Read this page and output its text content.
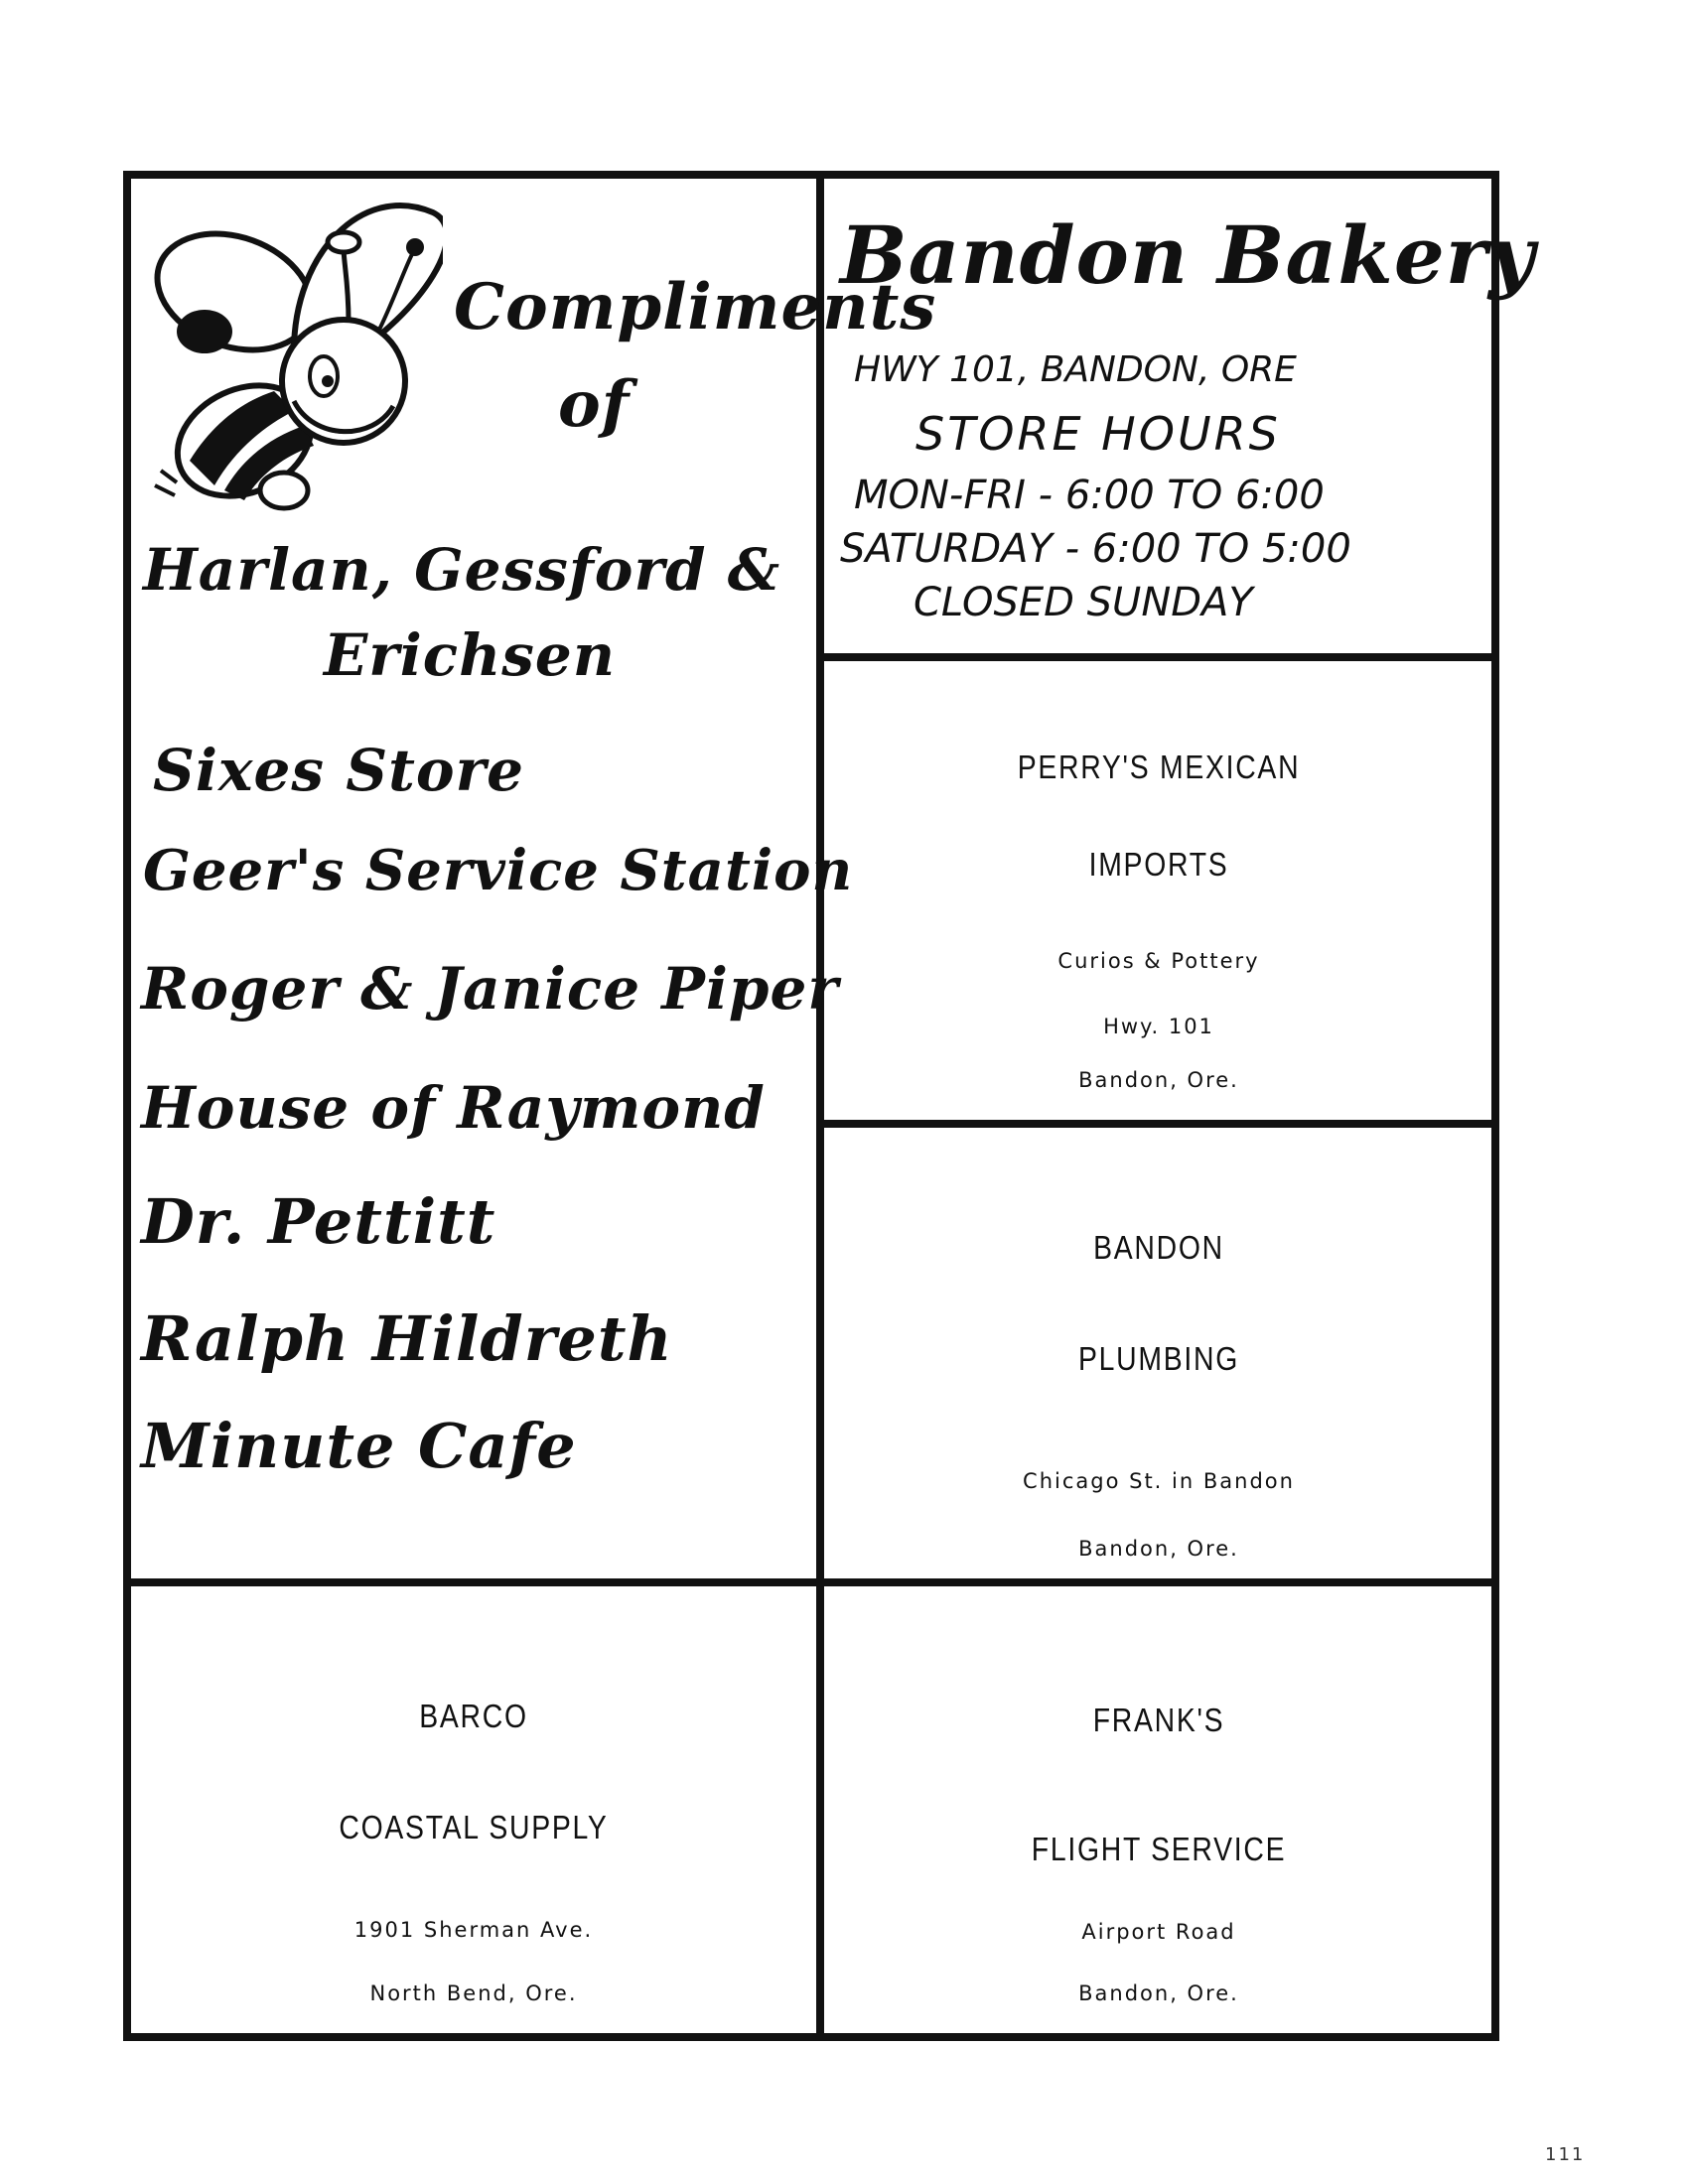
Compliments
of
Harlan, Gessford &
Erichsen
Sixes Store
Geer's Service Station
Roger & Janice Piper
House of Raymond
Dr. Pettitt
Ralph Hildreth
Minute Cafe
Bandon Bakery
HWY 101, BANDON, ORE
STORE HOURS
MON-FRI - 6:00 TO 6:00
SATURDAY - 6:00 TO 5:00
CLOSED SUNDAY
PERRY'S MEXICAN
IMPORTS
Curios & Pottery
Hwy. 101
Bandon, Ore.
BANDON
PLUMBING
Chicago St. in Bandon
Bandon, Ore.
BARCO
COASTAL SUPPLY
1901 Sherman Ave.
North Bend, Ore.
FRANK'S
FLIGHT SERVICE
Airport Road
Bandon, Ore.
111
